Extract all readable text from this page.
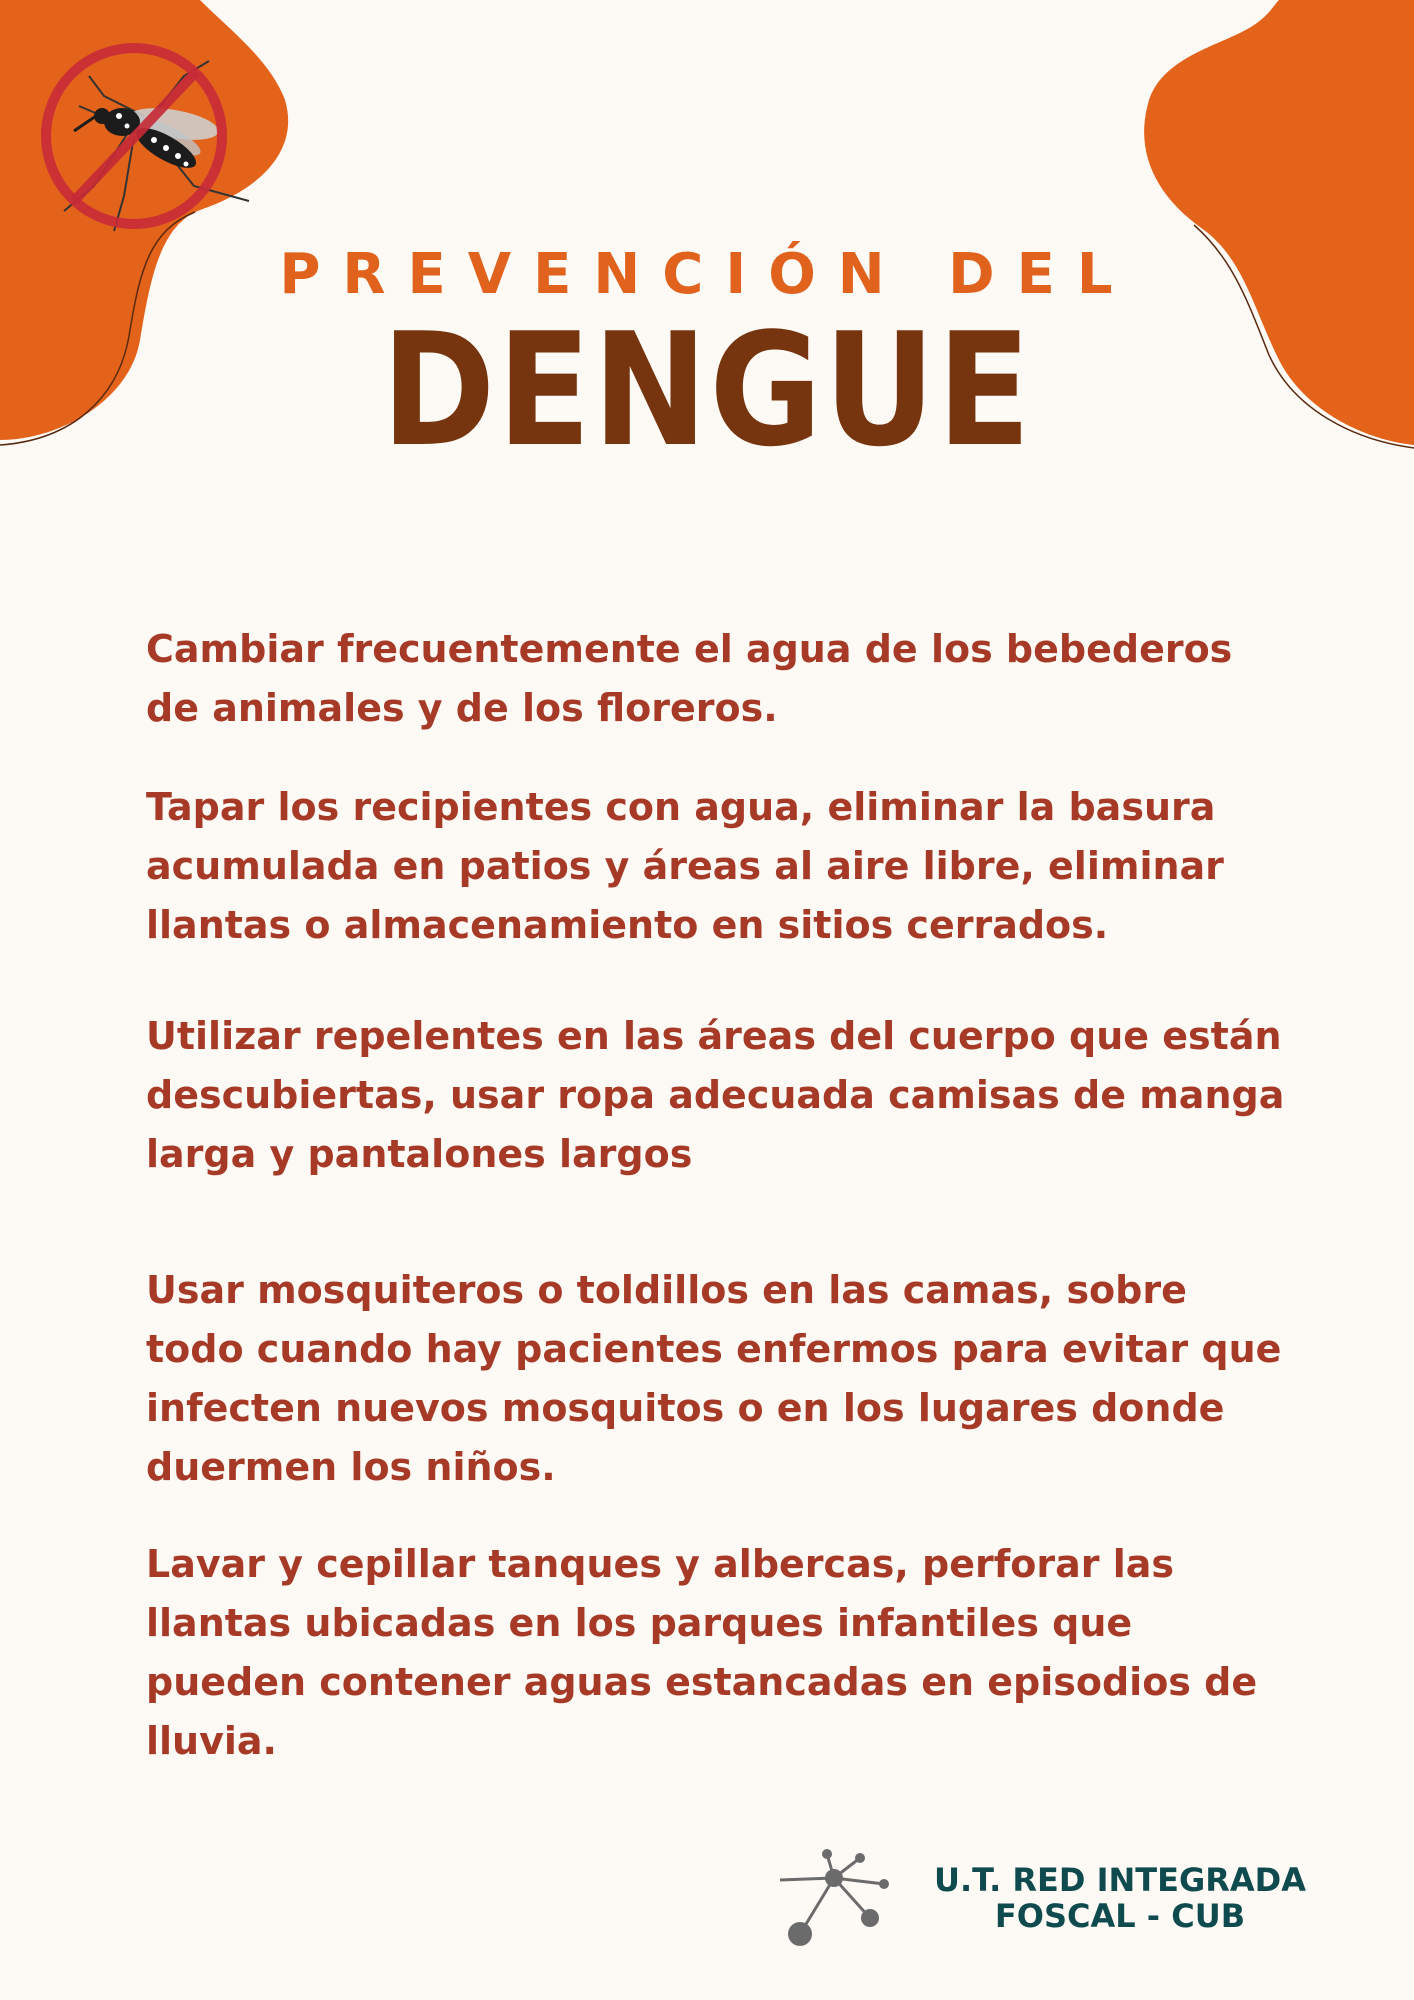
PREVENCIÓN DEL
DENGUE
Cambiar frecuentemente el agua de los bebederos
de animales y de los floreros.
Tapar los recipientes con agua, eliminar la basura
acumulada en patios y áreas al aire libre, eliminar
llantas o almacenamiento en sitios cerrados.
Utilizar repelentes en las áreas del cuerpo que están
descubiertas, usar ropa adecuada camisas de manga
larga y pantalones largos
Usar mosquiteros o toldillos en las camas, sobre
todo cuando hay pacientes enfermos para evitar que
infecten nuevos mosquitos o en los lugares donde
duermen los niños.
Lavar y cepillar tanques y albercas, perforar las
llantas ubicadas en los parques infantiles que
pueden contener aguas estancadas en episodios de
lluvia.
U.T. RED INTEGRADA
FOSCAL - CUB
